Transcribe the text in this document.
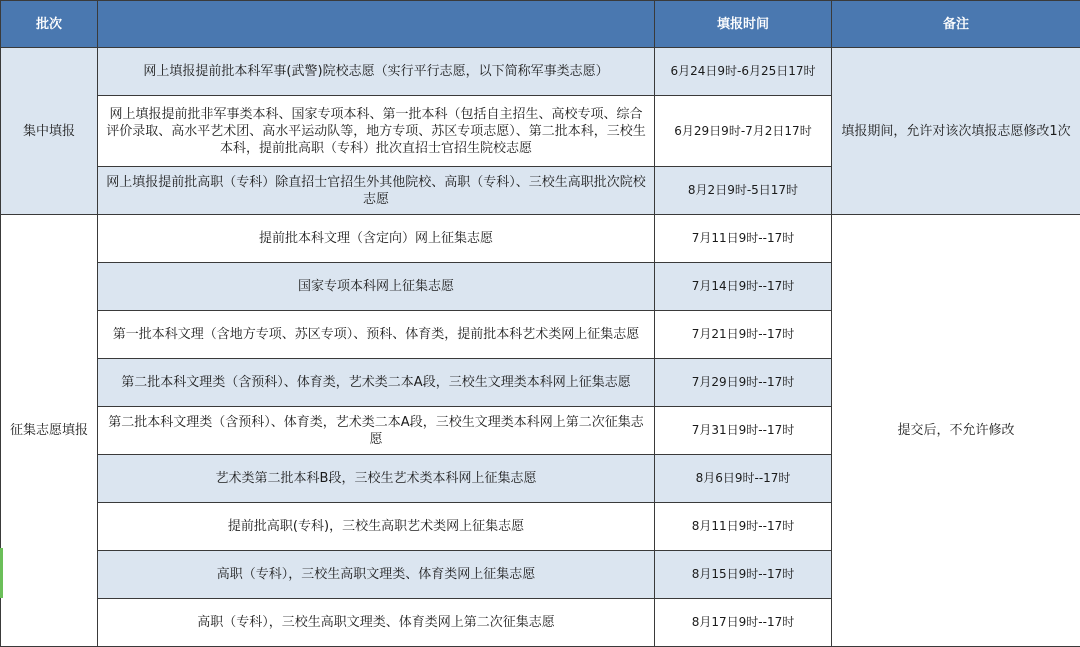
批次		填报时间	备注
集中填报	网上填报提前批本科军事(武警)院校志愿（实行平行志愿，以下简称军事类志愿）	6月24日9时-6月25日17时	填报期间，允许对该次填报志愿修改1次
	网上填报提前批非军事类本科、国家专项本科、第一批本科（包括自主招生、高校专项、综合评价录取、高水平艺术团、高水平运动队等，地方专项、苏区专项志愿）、第二批本科，三校生本科，提前批高职（专科）批次直招士官招生院校志愿	6月29日9时-7月2日17时	
	网上填报提前批高职（专科）除直招士官招生外其他院校、高职（专科）、三校生高职批次院校志愿	8月2日9时-5日17时	
征集志愿填报	提前批本科文理（含定向）网上征集志愿	7月11日9时--17时	提交后，不允许修改
	国家专项本科网上征集志愿	7月14日9时--17时	
	第一批本科文理（含地方专项、苏区专项）、预科、体育类，提前批本科艺术类网上征集志愿	7月21日9时--17时	
	第二批本科文理类（含预科）、体育类，艺术类二本A段，三校生文理类本科网上征集志愿	7月29日9时--17时	
	第二批本科文理类（含预科）、体育类，艺术类二本A段，三校生文理类本科网上第二次征集志愿	7月31日9时--17时	
	艺术类第二批本科B段，三校生艺术类本科网上征集志愿	8月6日9时--17时	
	提前批高职(专科)，三校生高职艺术类网上征集志愿	8月11日9时--17时	
	高职（专科），三校生高职文理类、体育类网上征集志愿	8月15日9时--17时	
	高职（专科），三校生高职文理类、体育类网上第二次征集志愿	8月17日9时--17时	
